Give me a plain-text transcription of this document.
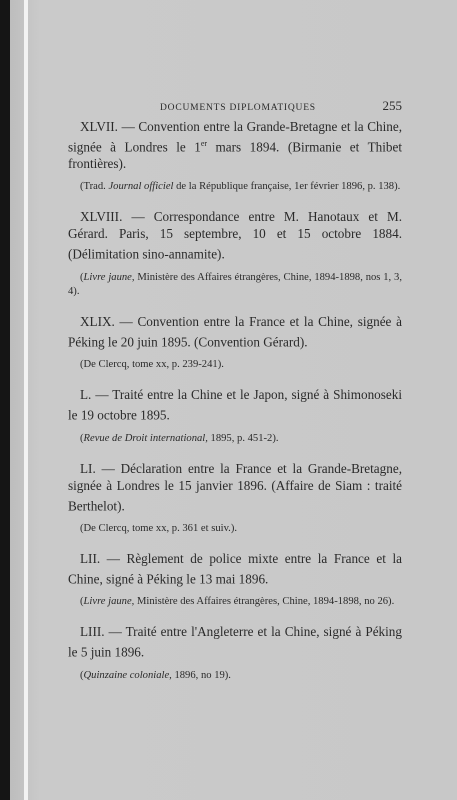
DOCUMENTS DIPLOMATIQUES	255

XLVII. — Convention entre la Grande-Bretagne et la Chine, signée à Londres le 1er mars 1894. (Birmanie et Thibet frontières).

(Trad. Journal officiel de la République française, 1er février 1896, p. 138).

XLVIII. — Correspondance entre M. Hanotaux et M. Gérard. Paris, 15 septembre, 10 et 15 octobre 1884. (Délimitation sino-annamite).

(Livre jaune, Ministère des Affaires étrangères, Chine, 1894-1898, nos 1, 3, 4).

XLIX. — Convention entre la France et la Chine, signée à Péking le 20 juin 1895. (Convention Gérard).

(De Clercq, tome xx, p. 239-241).

L. — Traité entre la Chine et le Japon, signé à Shimonoseki le 19 octobre 1895.

(Revue de Droit international, 1895, p. 451-2).

LI. — Déclaration entre la France et la Grande-Bretagne, signée à Londres le 15 janvier 1896. (Affaire de Siam : traité Berthelot).

(De Clercq, tome xx, p. 361 et suiv.).

LII. — Règlement de police mixte entre la France et la Chine, signé à Péking le 13 mai 1896.

(Livre jaune, Ministère des Affaires étrangères, Chine, 1894-1898, no 26).

LIII. — Traité entre l'Angleterre et la Chine, signé à Péking le 5 juin 1896.

(Quinzaine coloniale, 1896, no 19).
